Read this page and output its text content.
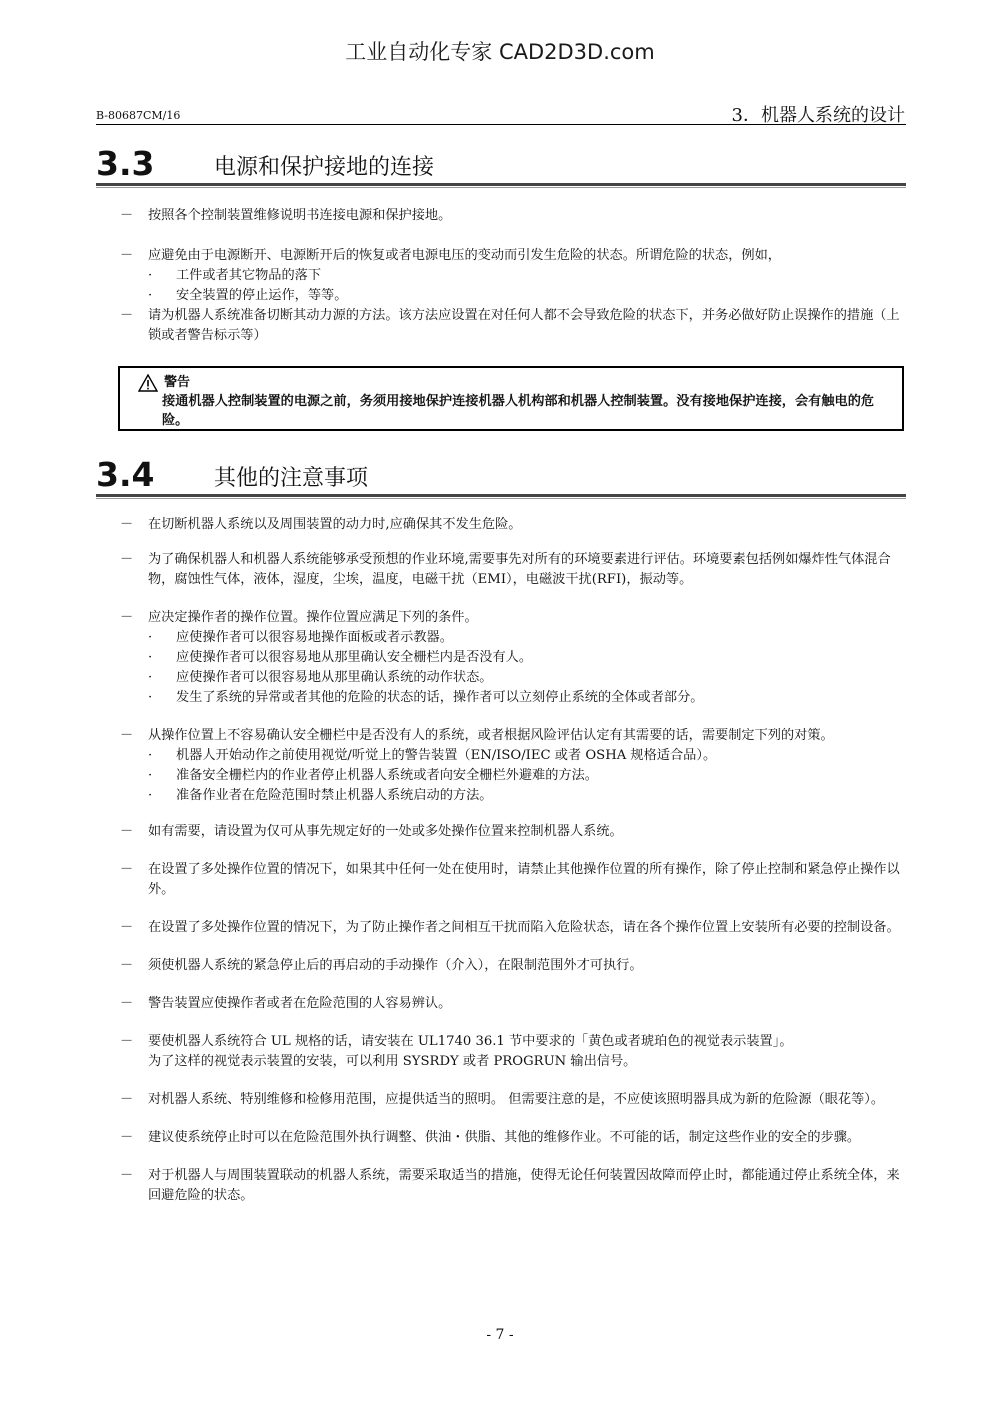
工业自动化专家 CAD2D3D.com
B-80687CM/16	3．机器人系统的设计
3.3	电源和保护接地的连接
－ 按照各个控制装置维修说明书连接电源和保护接地。
－ 应避免由于电源断开、电源断开后的恢复或者电源电压的变动而引发生危险的状态。所谓危险的状态，例如，
· 工件或者其它物品的落下
· 安全装置的停止运作，等等。
－ 请为机器人系统准备切断其动力源的方法。该方法应设置在对任何人都不会导致危险的状态下，并务必做好防止误操作的措施（上锁或者警告标示等）
警告
接通机器人控制装置的电源之前，务须用接地保护连接机器人机构部和机器人控制装置。没有接地保护连接，会有触电的危险。
3.4	其他的注意事项
－ 在切断机器人系统以及周围装置的动力时,应确保其不发生危险。
－ 为了确保机器人和机器人系统能够承受预想的作业环境,需要事先对所有的环境要素进行评估。环境要素包括例如爆炸性气体混合物，腐蚀性气体，液体，湿度，尘埃，温度，电磁干扰（EMI），电磁波干扰(RFI)，振动等。
－ 应决定操作者的操作位置。操作位置应满足下列的条件。
· 应使操作者可以很容易地操作面板或者示教器。
· 应使操作者可以很容易地从那里确认安全栅栏内是否没有人。
· 应使操作者可以很容易地从那里确认系统的动作状态。
· 发生了系统的异常或者其他的危险的状态的话，操作者可以立刻停止系统的全体或者部分。
－ 从操作位置上不容易确认安全栅栏中是否没有人的系统，或者根据风险评估认定有其需要的话，需要制定下列的对策。
· 机器人开始动作之前使用视觉/听觉上的警告装置（EN/ISO/IEC 或者 OSHA 规格适合品）。
· 准备安全栅栏内的作业者停止机器人系统或者向安全栅栏外避难的方法。
· 准备作业者在危险范围时禁止机器人系统启动的方法。
－ 如有需要，请设置为仅可从事先规定好的一处或多处操作位置来控制机器人系统。
－ 在设置了多处操作位置的情况下，如果其中任何一处在使用时，请禁止其他操作位置的所有操作，除了停止控制和紧急停止操作以外。
－ 在设置了多处操作位置的情况下，为了防止操作者之间相互干扰而陷入危险状态，请在各个操作位置上安装所有必要的控制设备。
－ 须使机器人系统的紧急停止后的再启动的手动操作（介入），在限制范围外才可执行。
－ 警告装置应使操作者或者在危险范围的人容易辨认。
－ 要使机器人系统符合 UL 规格的话，请安装在 UL1740 36.1 节中要求的「黄色或者琥珀色的视觉表示装置」。
为了这样的视觉表示装置的安装，可以利用 SYSRDY 或者 PROGRUN 输出信号。
－ 对机器人系统、特别维修和检修用范围，应提供适当的照明。 但需要注意的是，不应使该照明器具成为新的危险源（眼花等）。
－ 建议使系统停止时可以在危险范围外执行调整、供油・供脂、其他的维修作业。不可能的话，制定这些作业的安全的步骤。
－ 对于机器人与周围装置联动的机器人系统，需要采取适当的措施，使得无论任何装置因故障而停止时，都能通过停止系统全体，来回避危险的状态。
- 7 -
